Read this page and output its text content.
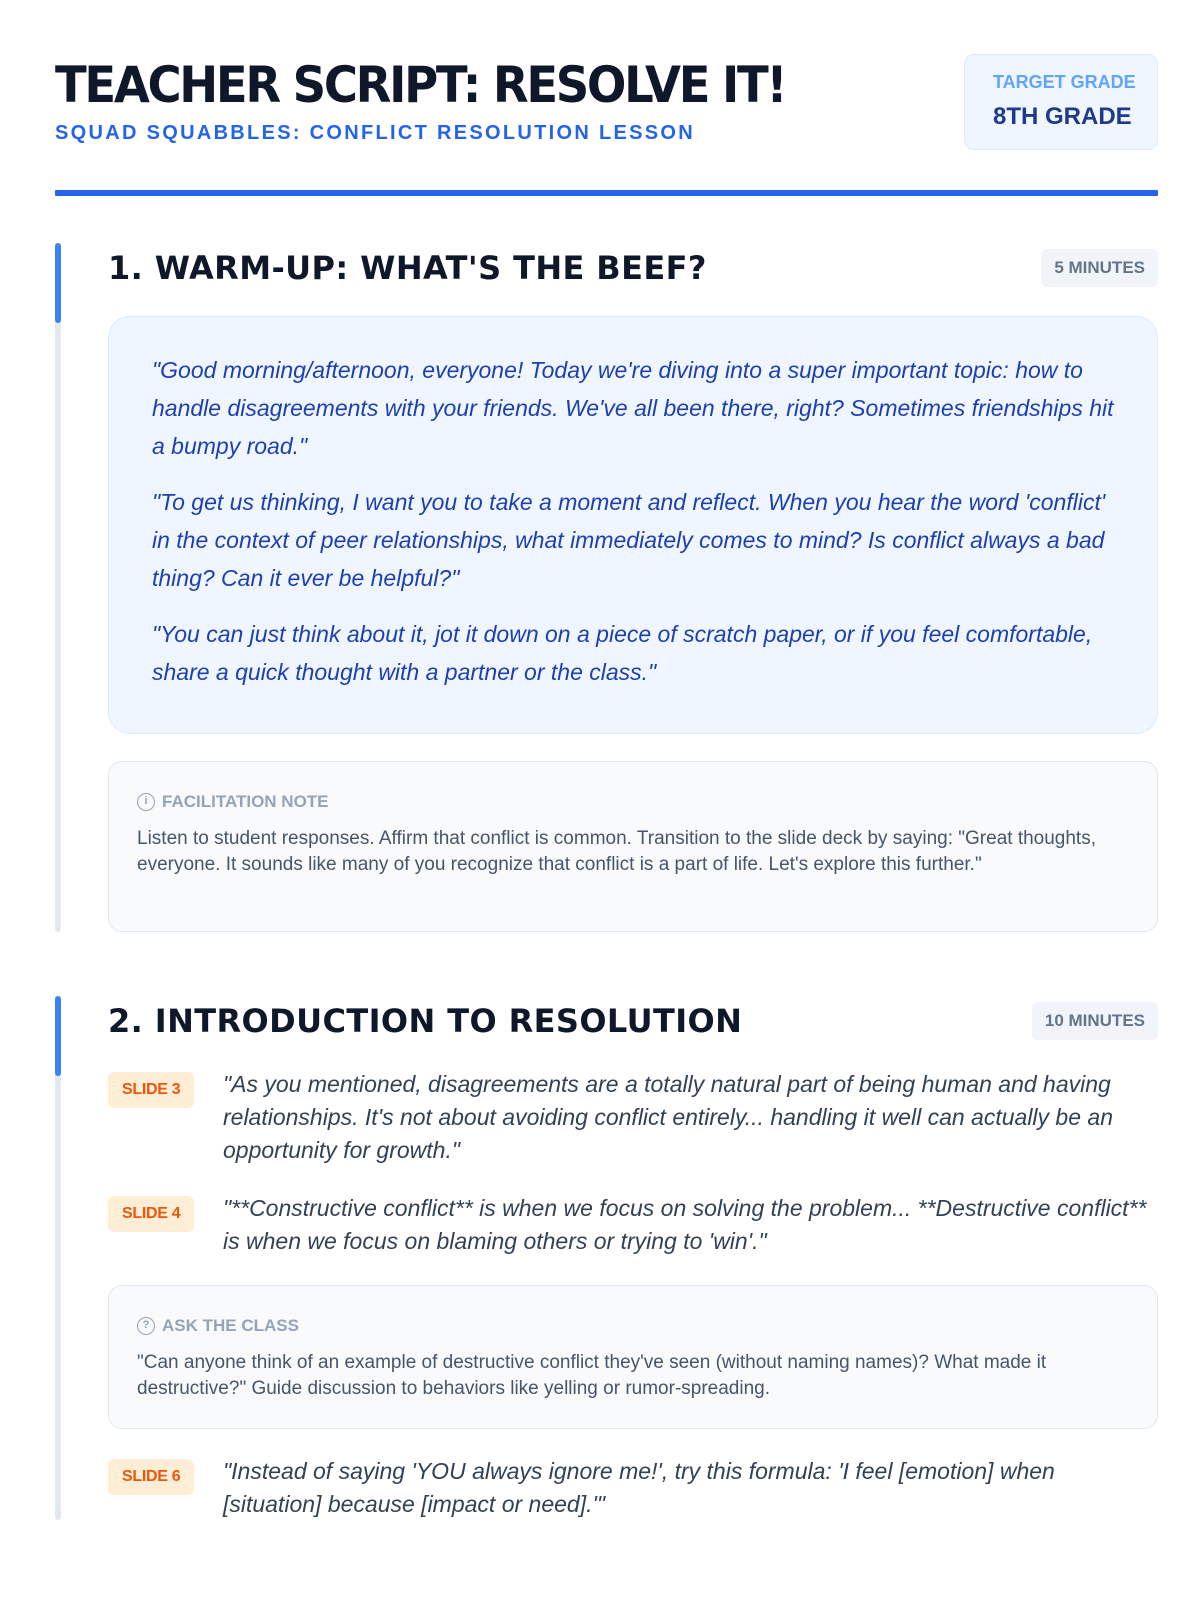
TEACHER SCRIPT: RESOLVE IT!
SQUAD SQUABBLES: CONFLICT RESOLUTION LESSON
TARGET GRADE
8TH GRADE
1. WARM-UP: WHAT'S THE BEEF?	5 MINUTES

"Good morning/afternoon, everyone! Today we're diving into a super important topic: how to handle disagreements with your friends. We've all been there, right? Sometimes friendships hit a bumpy road."

"To get us thinking, I want you to take a moment and reflect. When you hear the word 'conflict' in the context of peer relationships, what immediately comes to mind? Is conflict always a bad thing? Can it ever be helpful?"

"You can just think about it, jot it down on a piece of scratch paper, or if you feel comfortable, share a quick thought with a partner or the class."

i FACILITATION NOTE
Listen to student responses. Affirm that conflict is common. Transition to the slide deck by saying: "Great thoughts, everyone. It sounds like many of you recognize that conflict is a part of life. Let's explore this further."
2. INTRODUCTION TO RESOLUTION	10 MINUTES
SLIDE 3	"As you mentioned, disagreements are a totally natural part of being human and having relationships. It's not about avoiding conflict entirely... handling it well can actually be an opportunity for growth."
SLIDE 4	"**Constructive conflict** is when we focus on solving the problem... **Destructive conflict** is when we focus on blaming others or trying to 'win'."
? ASK THE CLASS
"Can anyone think of an example of destructive conflict they've seen (without naming names)? What made it destructive?" Guide discussion to behaviors like yelling or rumor-spreading.
SLIDE 6	"Instead of saying 'YOU always ignore me!', try this formula: 'I feel [emotion] when [situation] because [impact or need].'"
